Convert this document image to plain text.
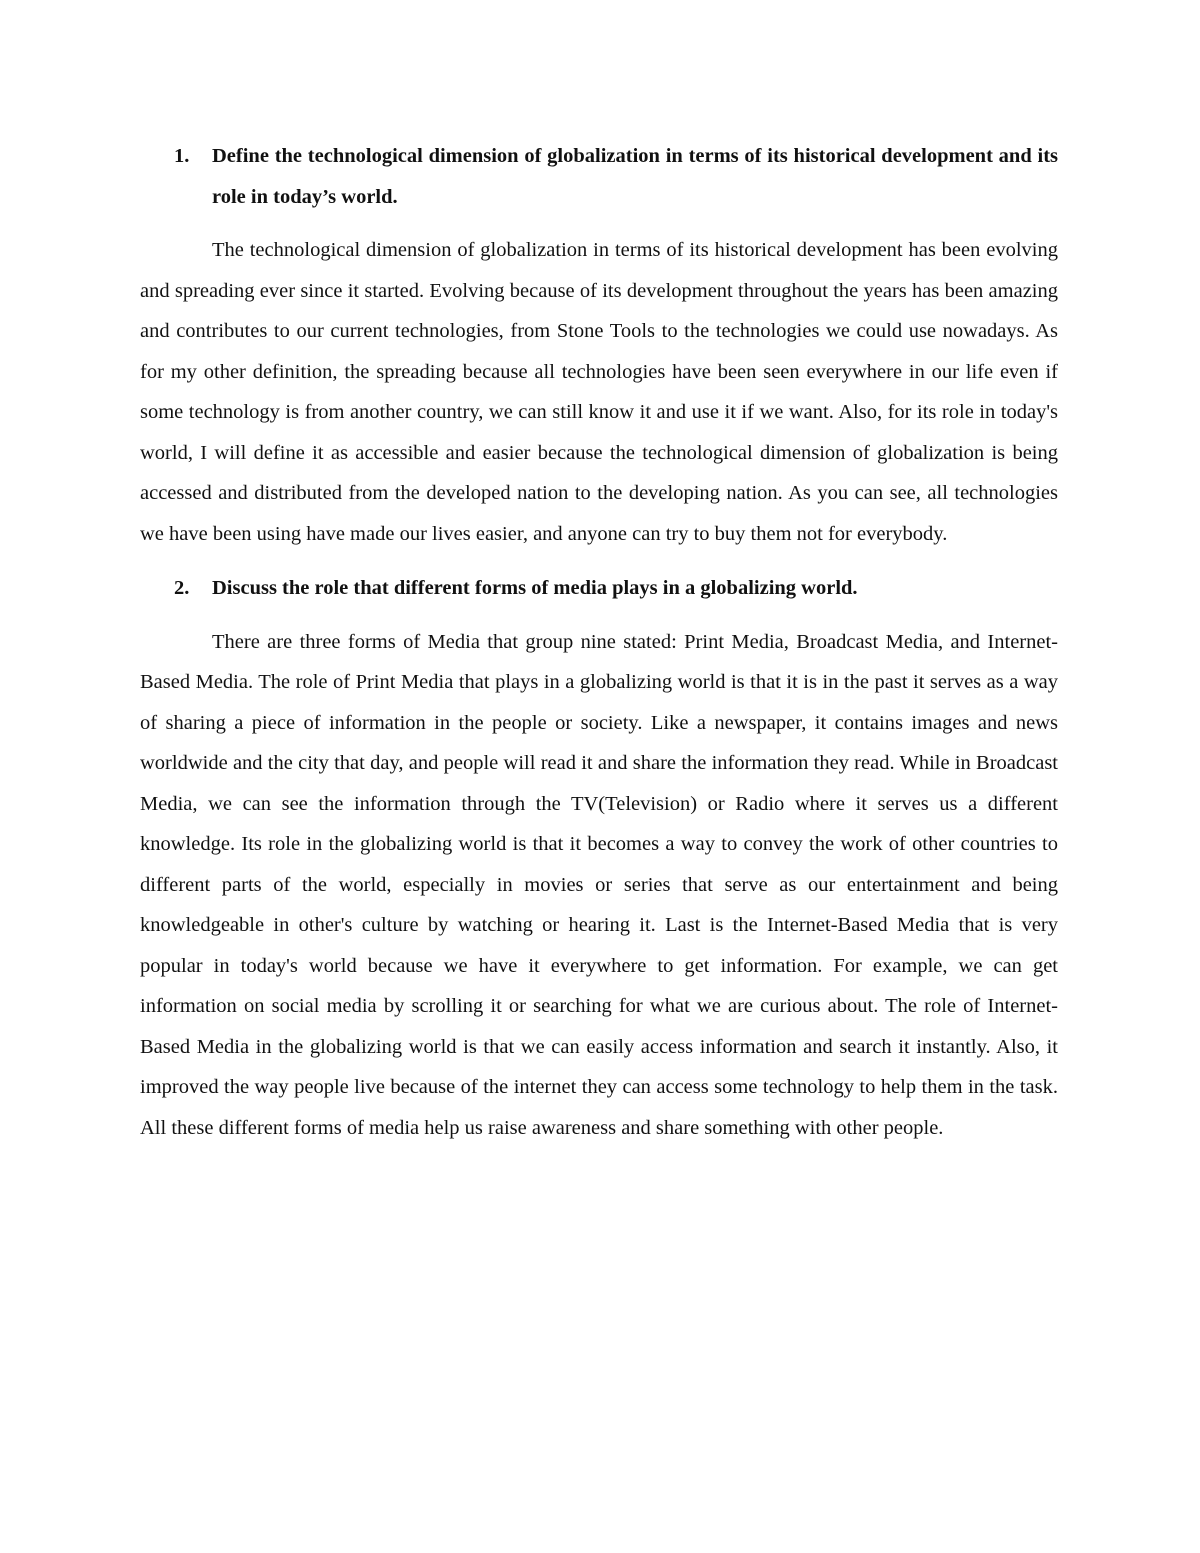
1.	Define the technological dimension of globalization in terms of its historical development and its role in today’s world.

The technological dimension of globalization in terms of its historical development has been evolving and spreading ever since it started. Evolving because of its development throughout the years has been amazing and contributes to our current technologies, from Stone Tools to the technologies we could use nowadays. As for my other definition, the spreading because all technologies have been seen everywhere in our life even if some technology is from another country, we can still know it and use it if we want. Also, for its role in today's world, I will define it as accessible and easier because the technological dimension of globalization is being accessed and distributed from the developed nation to the developing nation. As you can see, all technologies we have been using have made our lives easier, and anyone can try to buy them not for everybody.

2.	Discuss the role that different forms of media plays in a globalizing world.

There are three forms of Media that group nine stated: Print Media, Broadcast Media, and Internet-Based Media. The role of Print Media that plays in a globalizing world is that it is in the past it serves as a way of sharing a piece of information in the people or society. Like a newspaper, it contains images and news worldwide and the city that day, and people will read it and share the information they read. While in Broadcast Media, we can see the information through the TV(Television) or Radio where it serves us a different knowledge. Its role in the globalizing world is that it becomes a way to convey the work of other countries to different parts of the world, especially in movies or series that serve as our entertainment and being knowledgeable in other's culture by watching or hearing it. Last is the Internet-Based Media that is very popular in today's world because we have it everywhere to get information. For example, we can get information on social media by scrolling it or searching for what we are curious about. The role of Internet-Based Media in the globalizing world is that we can easily access information and search it instantly. Also, it improved the way people live because of the internet they can access some technology to help them in the task. All these different forms of media help us raise awareness and share something with other people.
